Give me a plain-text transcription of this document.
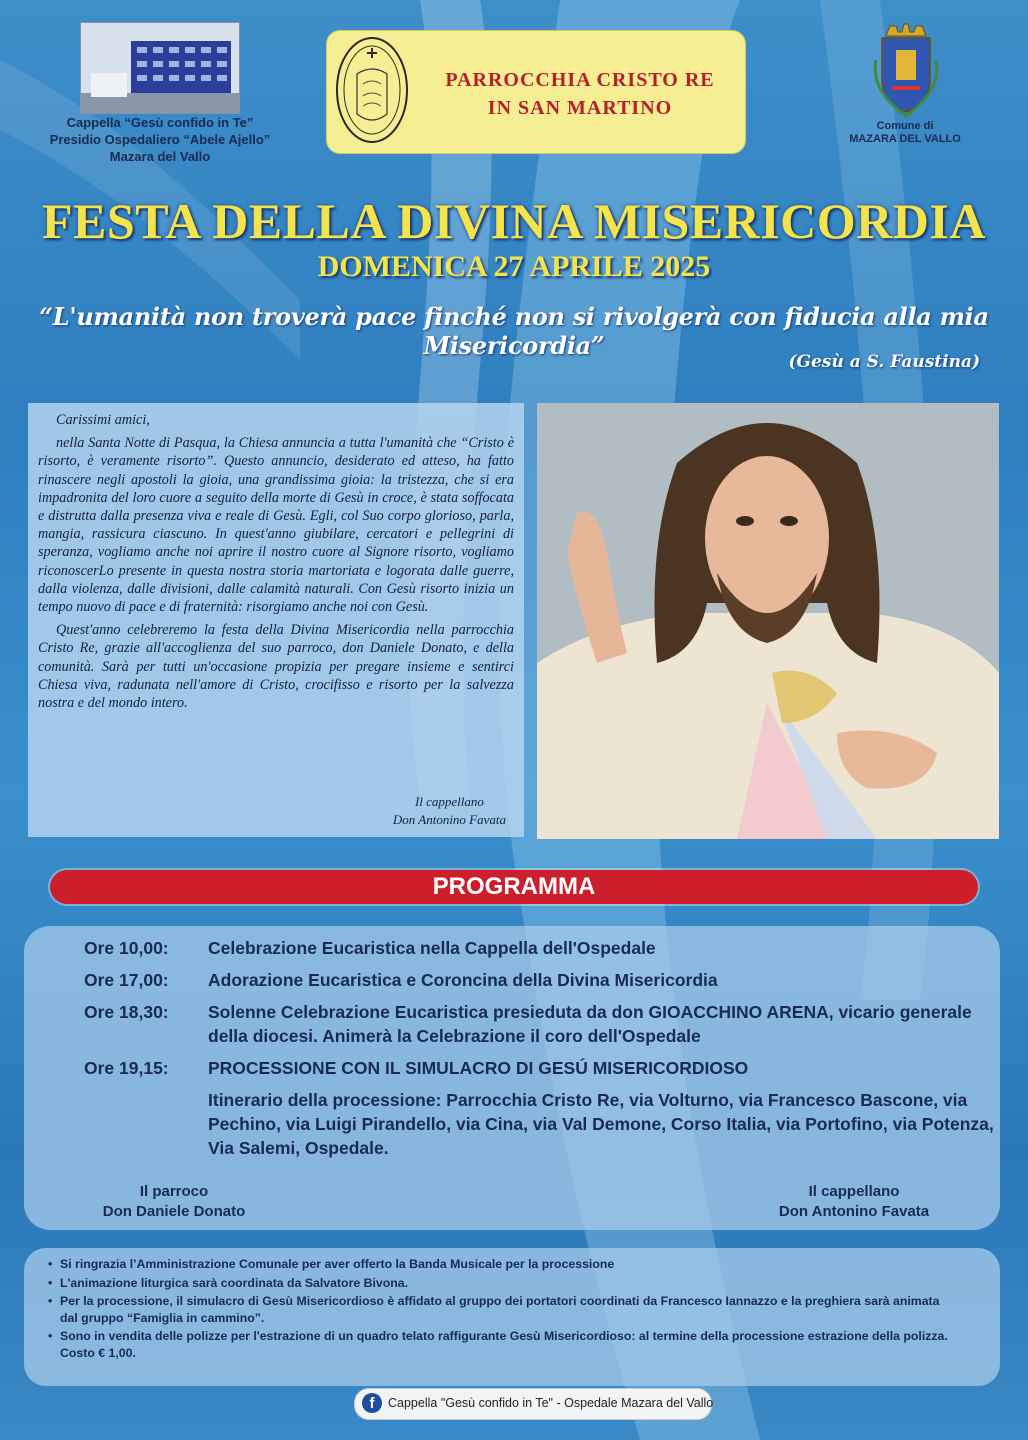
Cappella “Gesù confido in Te”
Presidio Ospedaliero “Abele Ajello”
Mazara del Vallo
PARROCCHIA CRISTO RE
IN SAN MARTINO
Comune di
MAZARA DEL VALLO
FESTA DELLA DIVINA MISERICORDIA
DOMENICA 27 APRILE 2025
“L'umanità non troverà pace finché non si rivolgerà con fiducia alla mia Misericordia”
(Gesù a S. Faustina)

Carissimi amici,

nella Santa Notte di Pasqua, la Chiesa annuncia a tutta l'umanità che “Cristo è risorto, è veramente risorto”. Questo annuncio, desiderato ed atteso, ha fatto rinascere negli apostoli la gioia, una grandissima gioia: la tristezza, che si era impadronita del loro cuore a seguito della morte di Gesù in croce, è stata soffocata e distrutta dalla presenza viva e reale di Gesù. Egli, col Suo corpo glorioso, parla, mangia, rassicura ciascuno. In quest'anno giubilare, cercatori e pellegrini di speranza, vogliamo anche noi aprire il nostro cuore al Signore risorto, vogliamo riconoscerLo presente in questa nostra storia martoriata e logorata dalle guerre, dalla violenza, dalle divisioni, dalle calamità naturali. Con Gesù risorto inizia un tempo nuovo di pace e di fraternità: risorgiamo anche noi con Gesù.

Quest'anno celebreremo la festa della Divina Misericordia nella parrocchia Cristo Re, grazie all'accoglienza del suo parroco, don Daniele Donato, e della comunità. Sarà per tutti un'occasione propizia per pregare insieme e sentirci Chiesa viva, radunata nell'amore di Cristo, crocifisso e risorto per la salvezza nostra e del mondo intero.

Il cappellano
Don Antonino Favata
PROGRAMMA
Ore 10,00:	Celebrazione Eucaristica nella Cappella dell'Ospedale
Ore 17,00:	Adorazione Eucaristica e Coroncina della Divina Misericordia
Ore 18,30:	Solenne Celebrazione Eucaristica presieduta da don GIOACCHINO ARENA, vicario generale della diocesi. Animerà la Celebrazione il coro dell'Ospedale
Ore 19,15:	PROCESSIONE CON IL SIMULACRO DI GESÚ MISERICORDIOSO
Itinerario della processione: Parrocchia Cristo Re, via Volturno, via Francesco Bascone, via Pechino, via Luigi Pirandello, via Cina, via Val Demone, Corso Italia, via Portofino, via Potenza, Via Salemi, Ospedale.
Il parroco
Don Daniele Donato
Il cappellano
Don Antonino Favata
• Si ringrazia l’Amministrazione Comunale per aver offerto la Banda Musicale per la processione
• L'animazione liturgica sarà coordinata da Salvatore Bivona.
• Per la processione, il simulacro di Gesù Misericordioso è affidato al gruppo dei portatori coordinati da Francesco Iannazzo e la preghiera sarà animata dal gruppo “Famiglia in cammino”.
• Sono in vendita delle polizze per l'estrazione di un quadro telato raffigurante Gesù Misericordioso: al termine della processione estrazione della polizza. Costo € 1,00.
f	Cappella "Gesù confido in Te" - Ospedale Mazara del Vallo
